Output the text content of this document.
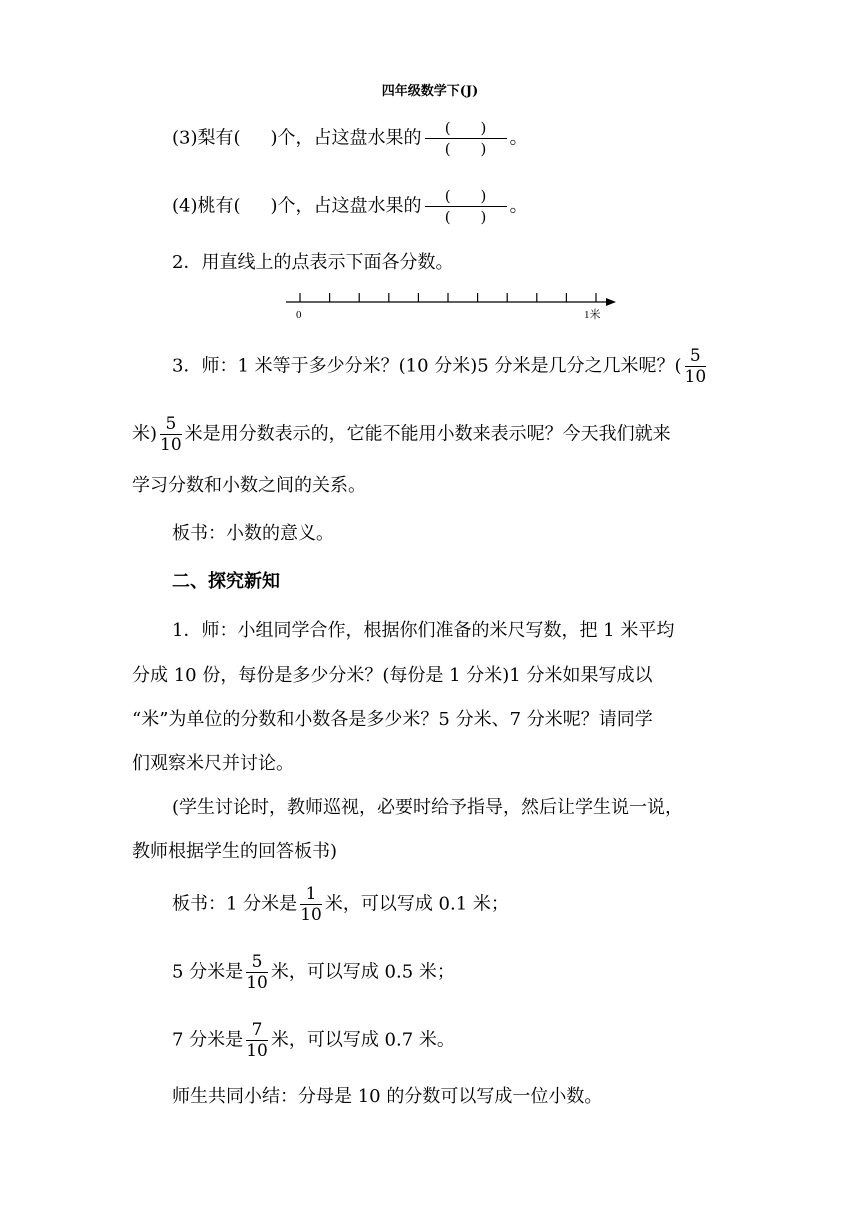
四年级数学下(J)
(3)梨有( )个，占这盘水果的 $\frac{( )}{( )}$ 。
(4)桃有( )个，占这盘水果的 $\frac{( )}{( )}$ 。
2．用直线上的点表示下面各分数。
0	1米
3．师：1 米等于多少分米？(10 分米)5 分米是几分之几米呢？( $\frac{5}{10}$
米) $\frac{5}{10}$ 米是用分数表示的，它能不能用小数来表示呢？今天我们就来
学习分数和小数之间的关系。
板书：小数的意义。
二、探究新知
1．师：小组同学合作，根据你们准备的米尺写数，把 1 米平均
分成 10 份，每份是多少分米？(每份是 1 分米)1 分米如果写成以
“米”为单位的分数和小数各是多少米？5 分米、7 分米呢？请同学
们观察米尺并讨论。
(学生讨论时，教师巡视，必要时给予指导，然后让学生说一说，
教师根据学生的回答板书)
板书：1 分米是 $\frac{1}{10}$ 米，可以写成 0.1 米；
5 分米是 $\frac{5}{10}$ 米，可以写成 0.5 米；
7 分米是 $\frac{7}{10}$ 米，可以写成 0.7 米。
师生共同小结：分母是 10 的分数可以写成一位小数。
